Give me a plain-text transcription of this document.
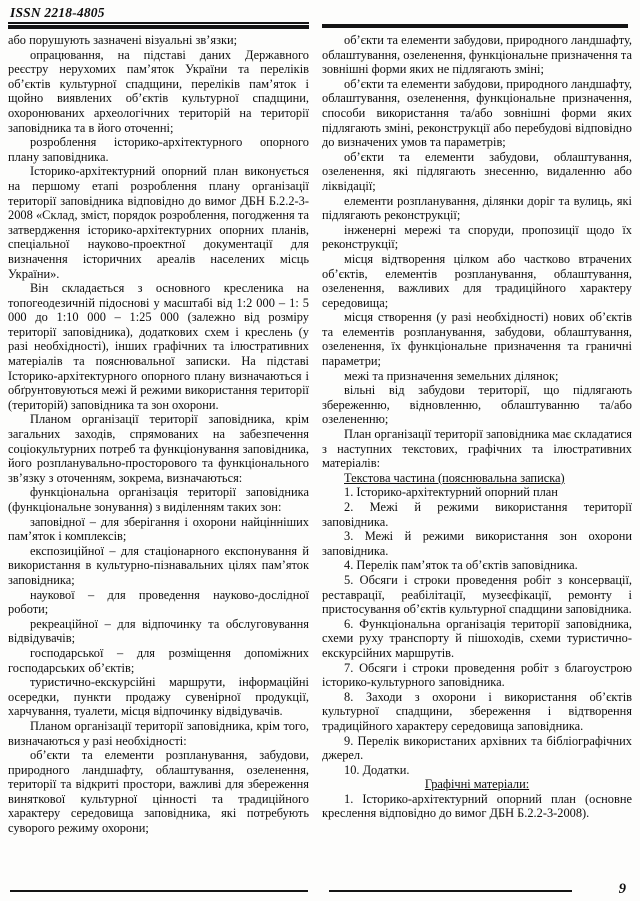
ISSN 2218-4805

або порушують зазначені візуальні зв’язки;

опрацювання, на підставі даних Державного реєстру нерухомих пам’яток України та переліків об’єктів культурної спадщини, переліків пам’яток і щойно виявлених об’єктів культурної спадщини, охоронюваних археологічних територій на території заповідника та в його оточенні;

розроблення історико-архітектурного опорного плану заповідника.

Історико-архітектурний опорний план виконується на першому етапі розроблення плану організації території заповідника відповідно до вимог ДБН Б.2.2-3-2008 «Склад, зміст, порядок розроблення, погодження та затвердження історико-архітектурних опорних планів, спеціальної науково-проектної документації для визначення історичних ареалів населених місць України».

Він складається з основного кресленика на топогеодезичній підоснові у масштабі від 1:2 000 – 1: 5 000 до 1:10 000 – 1:25 000 (залежно від розміру території заповідника), додаткових схем і креслень (у разі необхідності), інших графічних та ілюстративних матеріалів та пояснювальної записки. На підставі Історико-архітектурного опорного плану визначаються і обґрунтовуються межі й режими використання території (територій) заповідника та зон охорони.

Планом організації території заповідника, крім загальних заходів, спрямованих на забезпечення соціокультурних потреб та функціонування заповідника, його розпланувально-просторового та функціонального зв’язку з оточенням, зокрема, визначаються:

функціональна організація території заповідника (функціональне зонування) з виділенням таких зон:

заповідної – для зберігання і охорони найцінніших пам’яток і комплексів;

експозиційної – для стаціонарного експонування й використання в культурно-пізнавальних цілях пам’яток заповідника;

наукової – для проведення науково-дослідної роботи;

рекреаційної – для відпочинку та обслуговування відвідувачів;

господарської – для розміщення допоміжних господарських об’єктів;

туристично-екскурсійні маршрути, інформаційні осередки, пункти продажу сувенірної продукції, харчування, туалети, місця відпочинку відвідувачів.

Планом організації території заповідника, крім того, визначаються у разі необхідності:

об’єкти та елементи розпланування, забудови, природного ландшафту, облаштування, озеленення, території та відкриті простори, важливі для збереження виняткової культурної цінності та традиційного характеру середовища заповідника, які потребують суворого режиму охорони;

об’єкти та елементи забудови, природного ландшафту, облаштування, озеленення, функціональне призначення та зовнішні форми яких не підлягають зміні;

об’єкти та елементи забудови, природного ландшафту, облаштування, озеленення, функціональне призначення, способи використання та/або зовнішні форми яких підлягають зміні, реконструкції або перебудові відповідно до визначених умов та параметрів;

об’єкти та елементи забудови, облаштування, озеленення, які підлягають знесенню, видаленню або ліквідації;

елементи розпланування, ділянки доріг та вулиць, які підлягають реконструкції;

інженерні мережі та споруди, пропозиції щодо їх реконструкції;

місця відтворення цілком або частково втрачених об’єктів, елементів розпланування, облаштування, озеленення, важливих для традиційного характеру середовища;

місця створення (у разі необхідності) нових об’єктів та елементів розпланування, забудови, облаштування, озеленення, їх функціональне призначення та граничні параметри;

межі та призначення земельних ділянок;

вільні від забудови території, що підлягають збереженню, відновленню, облаштуванню та/або озелененню;

План організації території заповідника має складатися з наступних текстових, графічних та ілюстративних матеріалів:

Текстова частина (пояснювальна записка)

1. Історико-архітектурний опорний план

2. Межі й режими використання території заповідника.

3. Межі й режими використання зон охорони заповідника.

4. Перелік пам’яток та об’єктів заповідника.

5. Обсяги і строки проведення робіт з консервації, реставрації, реабілітації, музеєфікації, ремонту і пристосування об’єктів культурної спадщини заповідника.

6. Функціональна організація території заповідника, схеми руху транспорту й пішоходів, схеми туристично-екскурсійних маршрутів.

7. Обсяги і строки проведення робіт з благоустрою історико-культурного заповідника.

8. Заходи з охорони і використання об’єктів культурної спадщини, збереження і відтворення традиційного характеру середовища заповідника.

9. Перелік використаних архівних та бібліографічних джерел.

10. Додатки.

Графічні матеріали:

1. Історико-архітектурний опорний план (основне креслення відповідно до вимог ДБН Б.2.2-3-2008).

9
